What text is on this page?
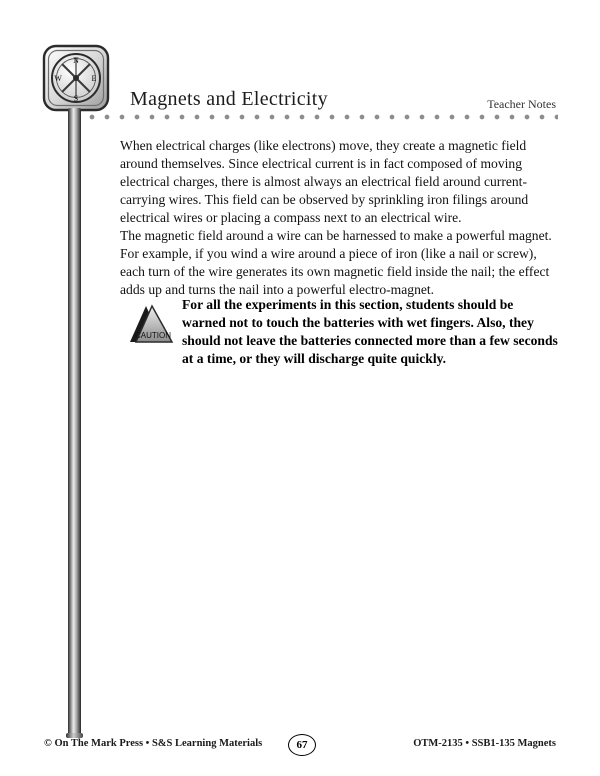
N
E
S
W
Magnets and Electricity	Teacher Notes
When electrical charges (like electrons) move, they create a magnetic field around themselves. Since electrical current is in fact composed of moving electrical charges, there is almost always an electrical field around current-carrying wires. This field can be observed by sprinkling iron filings around electrical wires or placing a compass next to an electrical wire.
The magnetic field around a wire can be harnessed to make a powerful magnet. For example, if you wind a wire around a piece of iron (like a nail or screw), each turn of the wire generates its own magnetic field inside the nail; the effect adds up and turns the nail into a powerful electro-magnet.
CAUTION
For all the experiments in this section, students should be warned not to touch the batteries with wet fingers. Also, they should not leave the batteries connected more than a few seconds at a time, or they will discharge quite quickly.
© On The Mark Press • S&S Learning Materials	67	OTM-2135 • SSB1-135 Magnets
